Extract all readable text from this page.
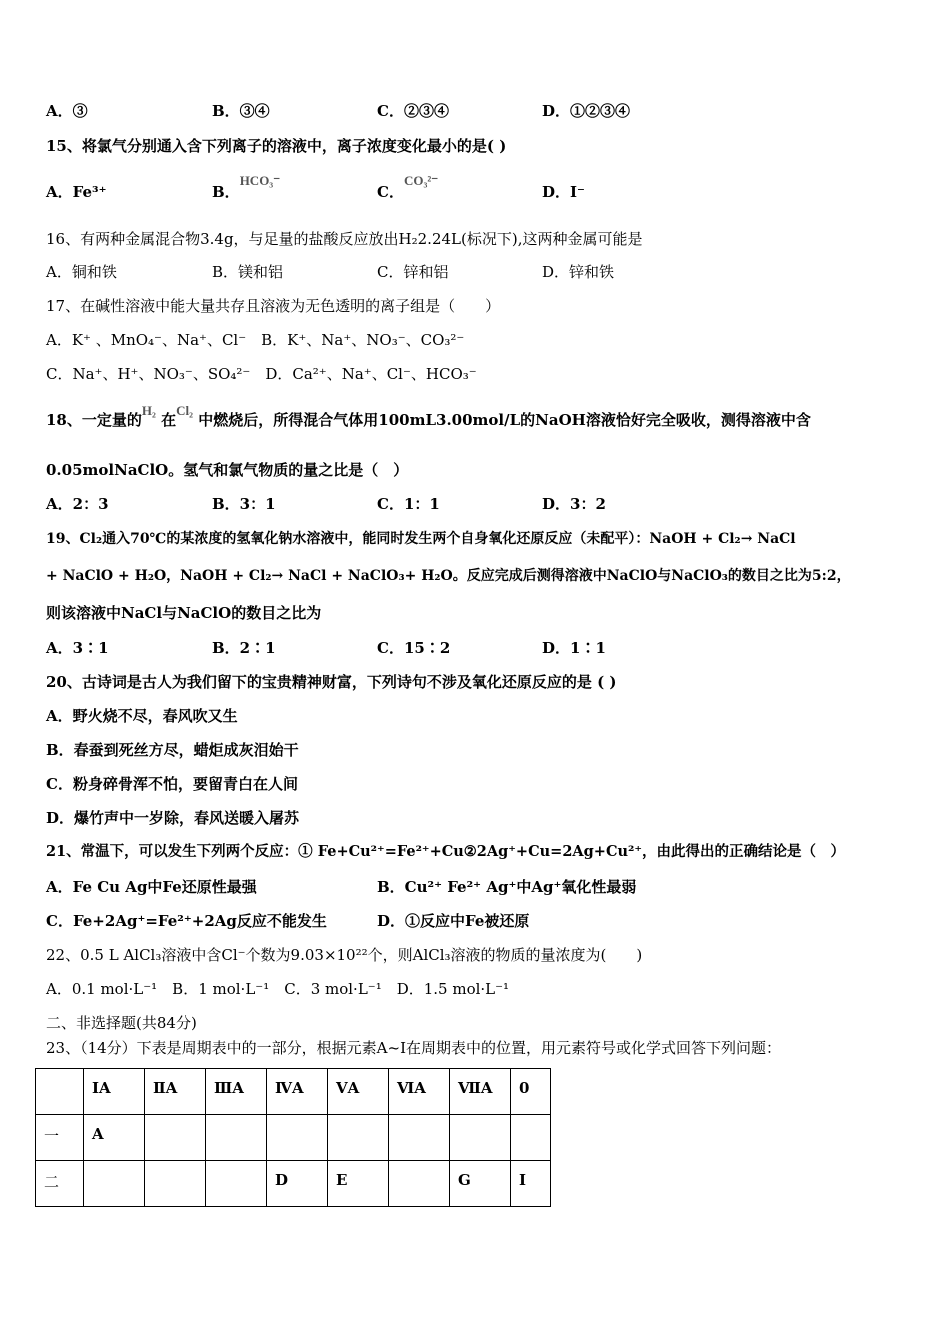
A．③	B．③④	C．②③④	D．①②③④
15、将氯气分别通入含下列离子的溶液中，离子浓度变化最小的是( )
A．Fe³⁺	B．HCO₃⁻
C．CO₃²⁻
D．I⁻
16、有两种金属混合物3.4g，与足量的盐酸反应放出H₂2.24L(标况下),这两种金属可能是
A．铜和铁	B．镁和铝	C．锌和铝	D．锌和铁
17、在碱性溶液中能大量共存且溶液为无色透明的离子组是（　　）
A．K⁺ 、MnO₄⁻、Na⁺、Cl⁻　B．K⁺、Na⁺、NO₃⁻、CO₃²⁻
C．Na⁺、H⁺、NO₃⁻、SO₄²⁻　D．Ca²⁺、Na⁺、Cl⁻、HCO₃⁻
18、一定量的H₂ 在Cl₂ 中燃烧后，所得混合气体用100mL3.00mol/L的NaOH溶液恰好完全吸收，测得溶液中含
0.05molNaClO。氢气和氯气物质的量之比是（　）
A．2：3	B．3：1	C．1：1	D．3：2
19、Cl₂通入70℃的某浓度的氢氧化钠水溶液中，能同时发生两个自身氧化还原反应（未配平）：NaOH + Cl₂→ NaCl
+ NaClO + H₂O，NaOH + Cl₂→ NaCl + NaClO₃+ H₂O。反应完成后测得溶液中NaClO与NaClO₃的数目之比为5:2，
则该溶液中NaCl与NaClO的数目之比为
A．3∶1	B．2∶1	C．15∶2	D．1∶1
20、古诗词是古人为我们留下的宝贵精神财富，下列诗句不涉及氧化还原反应的是 ( )
A．野火烧不尽，春风吹又生
B．春蚕到死丝方尽，蜡炬成灰泪始干
C．粉身碎骨浑不怕，要留青白在人间
D．爆竹声中一岁除，春风送暖入屠苏
21、常温下，可以发生下列两个反应：① Fe+Cu²⁺=Fe²⁺+Cu②2Ag⁺+Cu=2Ag+Cu²⁺，由此得出的正确结论是（　）
A．Fe Cu Ag中Fe还原性最强	B．Cu²⁺ Fe²⁺ Ag⁺中Ag⁺氧化性最弱
C．Fe+2Ag⁺=Fe²⁺+2Ag反应不能发生	D．①反应中Fe被还原
22、0.5 L AlCl₃溶液中含Cl⁻个数为9.03×10²²个，则AlCl₃溶液的物质的量浓度为(　　)
A．0.1 mol·L⁻¹　B．1 mol·L⁻¹　C．3 mol·L⁻¹　D．1.5 mol·L⁻¹
二、非选择题(共84分)
23、（14分）下表是周期表中的一部分，根据元素A~I在周期表中的位置，用元素符号或化学式回答下列问题：
	ⅠA	ⅡA	ⅢA	ⅣA	ⅤA	ⅥA	ⅦA	0
一	A							
二				D	E		G	I
